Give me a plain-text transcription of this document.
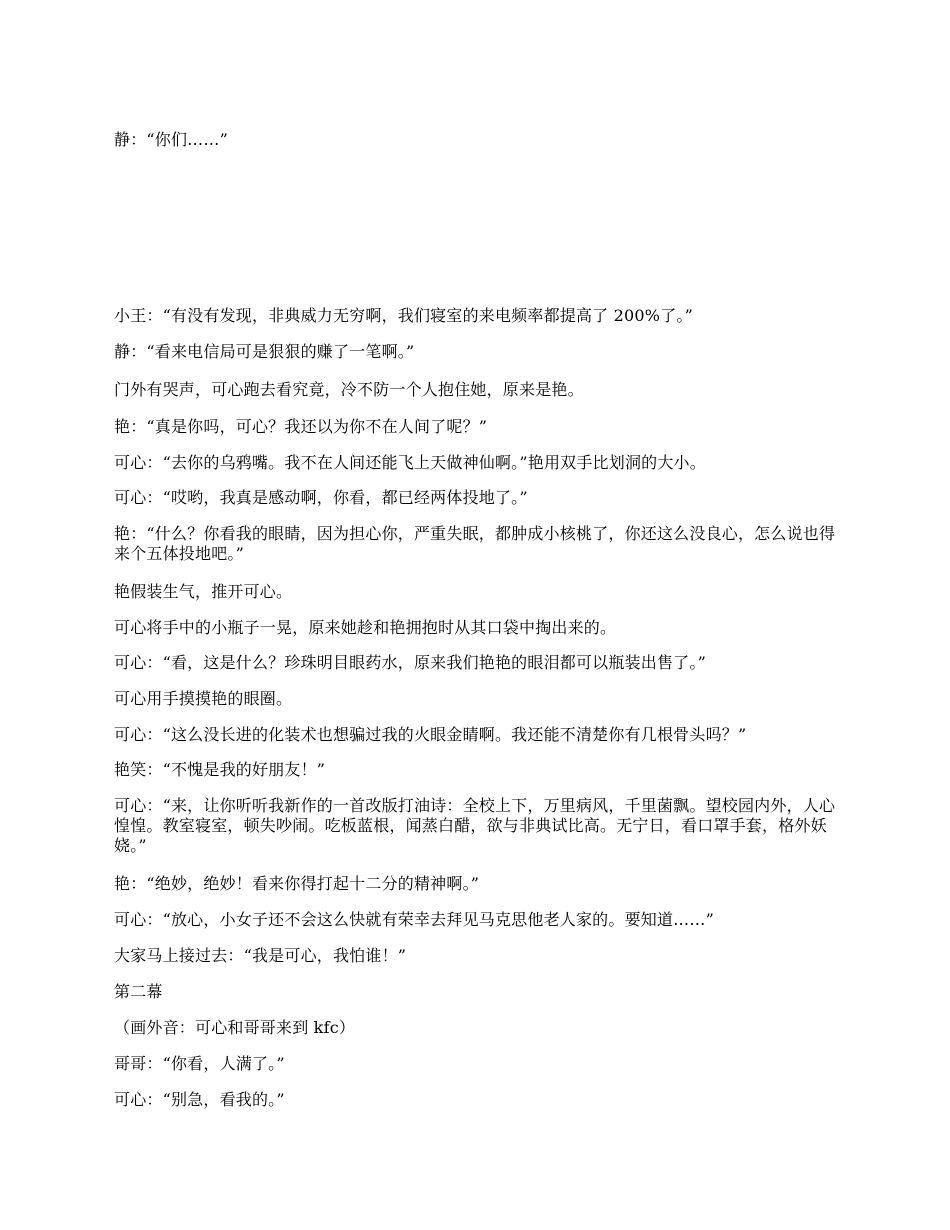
静：“你们……”

小王：“有没有发现，非典威力无穷啊，我们寝室的来电频率都提高了 200%了。”

静：“看来电信局可是狠狠的赚了一笔啊。”

门外有哭声，可心跑去看究竟，冷不防一个人抱住她，原来是艳。

艳：“真是你吗，可心？我还以为你不在人间了呢？”

可心：“去你的乌鸦嘴。我不在人间还能飞上天做神仙啊。”艳用双手比划洞的大小。

可心：“哎哟，我真是感动啊，你看，都已经两体投地了。”

艳：“什么？你看我的眼睛，因为担心你，严重失眠，都肿成小核桃了，你还这么没良心，怎么说也得来个五体投地吧。”

艳假装生气，推开可心。

可心将手中的小瓶子一晃，原来她趁和艳拥抱时从其口袋中掏出来的。

可心：“看，这是什么？珍珠明目眼药水，原来我们艳艳的眼泪都可以瓶装出售了。”

可心用手摸摸艳的眼圈。

可心：“这么没长进的化装术也想骗过我的火眼金睛啊。我还能不清楚你有几根骨头吗？”

艳笑：“不愧是我的好朋友！”

可心：“来，让你听听我新作的一首改版打油诗：全校上下，万里病风，千里菌飘。望校园内外，人心惶惶。教室寝室，顿失吵闹。吃板蓝根，闻蒸白醋，欲与非典试比高。无宁日，看口罩手套，格外妖娆。”

艳：“绝妙，绝妙！看来你得打起十二分的精神啊。”

可心：“放心，小女子还不会这么快就有荣幸去拜见马克思他老人家的。要知道……”

大家马上接过去：“我是可心，我怕谁！”

第二幕

（画外音：可心和哥哥来到 kfc）

哥哥：“你看，人满了。”

可心：“别急，看我的。”
